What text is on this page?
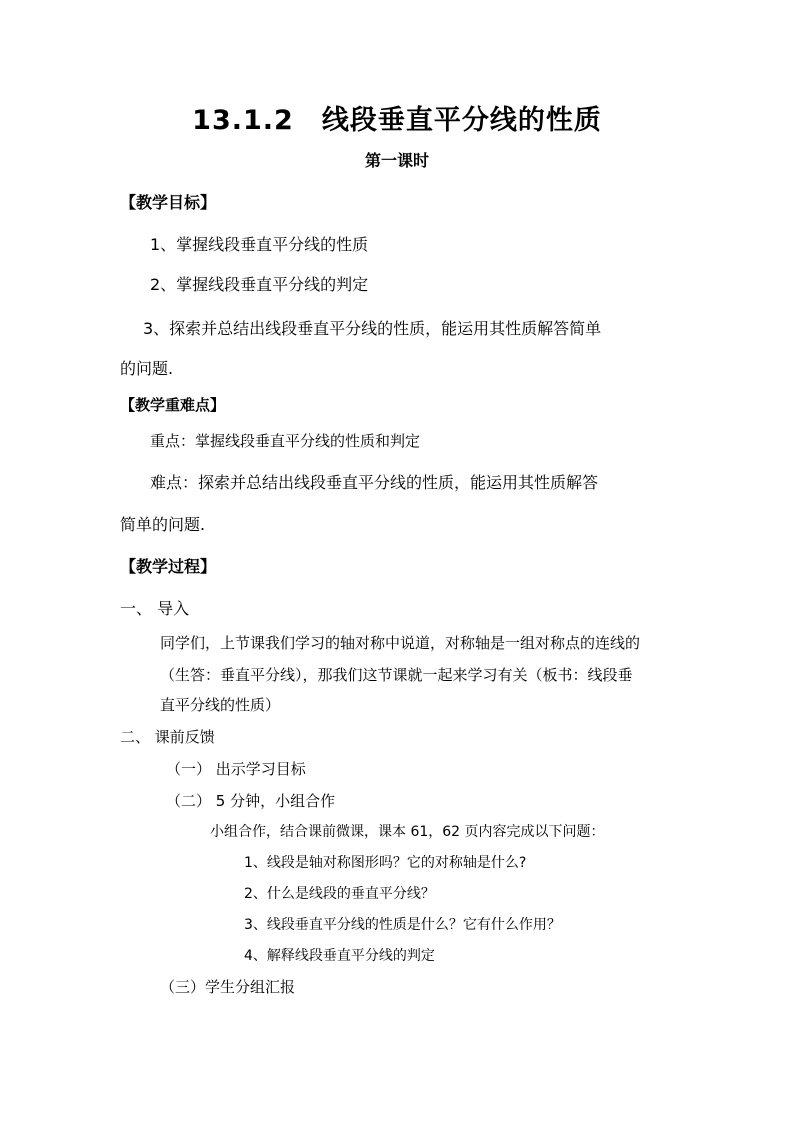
13.1.2　线段垂直平分线的性质
第一课时
【教学目标】
1、掌握线段垂直平分线的性质
2、掌握线段垂直平分线的判定
3、探索并总结出线段垂直平分线的性质，能运用其性质解答简单
的问题.
【教学重难点】
重点：掌握线段垂直平分线的性质和判定
难点：探索并总结出线段垂直平分线的性质，能运用其性质解答
简单的问题.
【教学过程】
一、 导入
同学们，上节课我们学习的轴对称中说道，对称轴是一组对称点的连线的
（生答：垂直平分线），那我们这节课就一起来学习有关（板书：线段垂
直平分线的性质）
二、 课前反馈
（一） 出示学习目标
（二） 5 分钟，小组合作
小组合作，结合课前微课，课本 61，62 页内容完成以下问题：
1、线段是轴对称图形吗？它的对称轴是什么?
2、什么是线段的垂直平分线？
3、线段垂直平分线的性质是什么？它有什么作用？
4、解释线段垂直平分线的判定
（三）学生分组汇报
